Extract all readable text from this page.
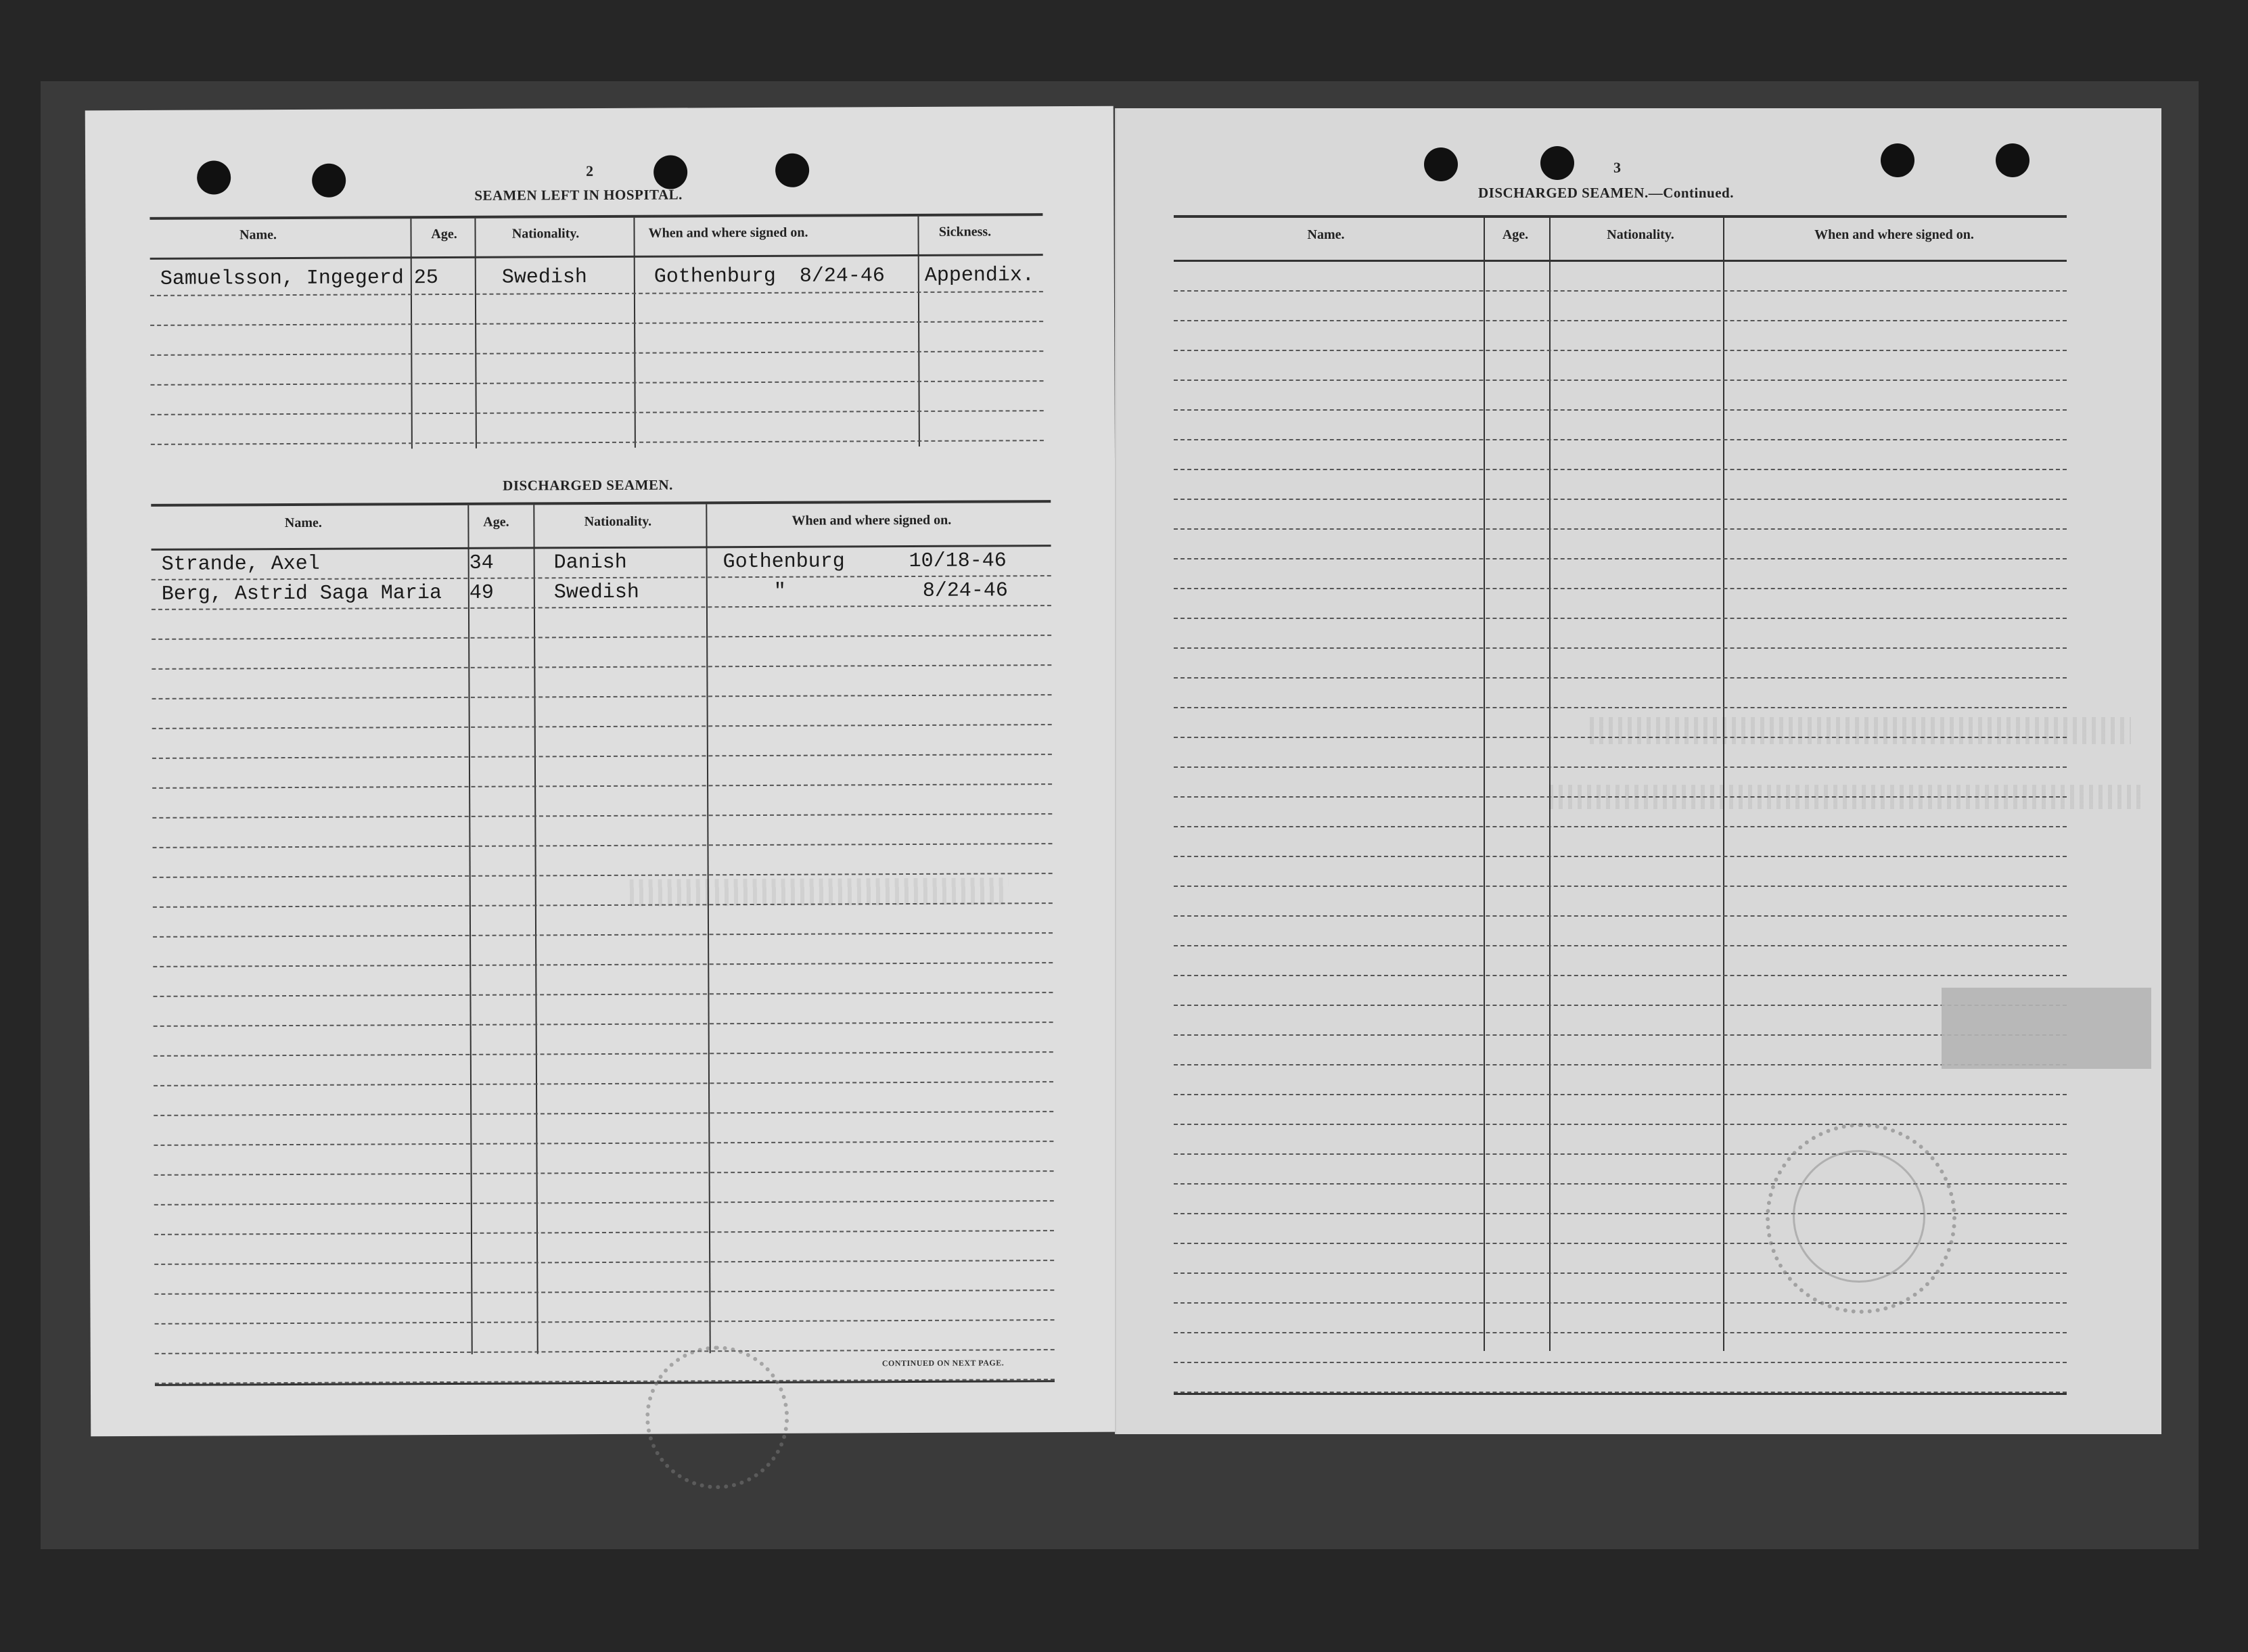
2
SEAMEN LEFT IN HOSPITAL.
Name.	Age.	Nationality.	When and where signed on.	Sickness.
Samuelsson, Ingegerd 25	Swedish	Gothenburg 8/24-46 Appendix.
DISCHARGED SEAMEN.
Name.	Age.	Nationality.	When and where signed on.
Strande, Axel	34	Danish	Gothenburg	10/18-46
Berg, Astrid Saga Maria 49	Swedish	"	8/24-46
CONTINUED ON NEXT PAGE.
3
DISCHARGED SEAMEN.—Continued.
Name.	Age.	Nationality.	When and where signed on.
